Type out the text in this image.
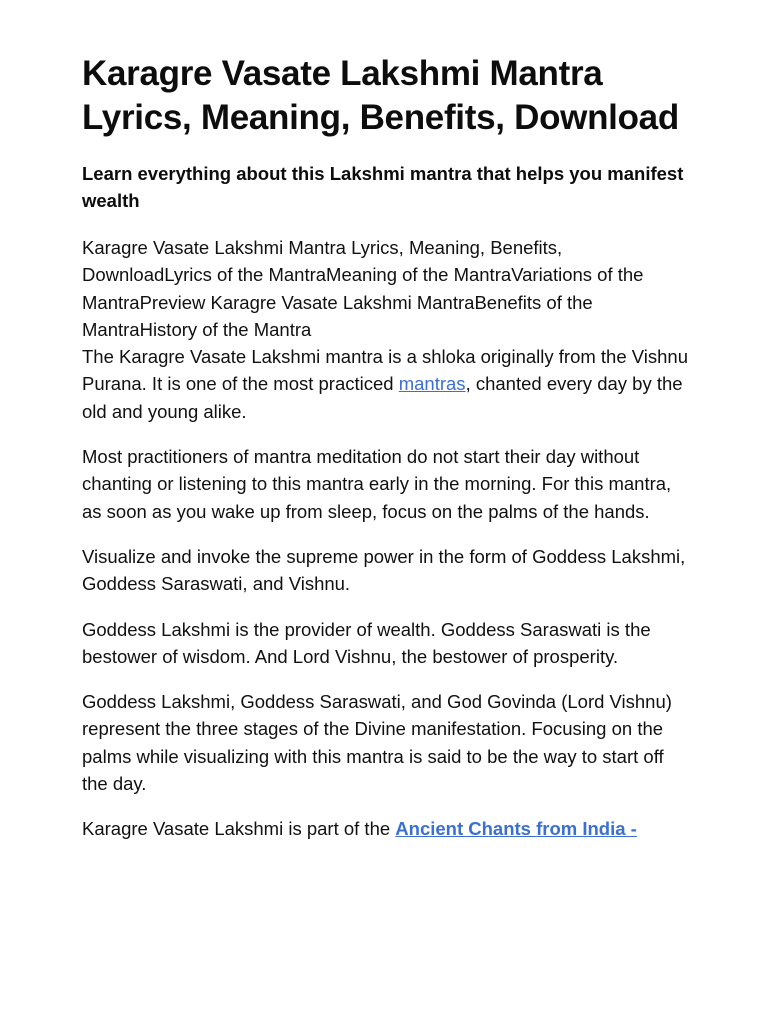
Karagre Vasate Lakshmi Mantra Lyrics, Meaning, Benefits, Download

Learn everything about this Lakshmi mantra that helps you manifest wealth

Karagre Vasate Lakshmi Mantra Lyrics, Meaning, Benefits, DownloadLyrics of the MantraMeaning of the MantraVariations of the MantraPreview Karagre Vasate Lakshmi MantraBenefits of the MantraHistory of the Mantra
The Karagre Vasate Lakshmi mantra is a shloka originally from the Vishnu Purana. It is one of the most practiced mantras, chanted every day by the old and young alike.

Most practitioners of mantra meditation do not start their day without chanting or listening to this mantra early in the morning. For this mantra, as soon as you wake up from sleep, focus on the palms of the hands.

Visualize and invoke the supreme power in the form of Goddess Lakshmi, Goddess Saraswati, and Vishnu.

Goddess Lakshmi is the provider of wealth. Goddess Saraswati is the bestower of wisdom. And Lord Vishnu, the bestower of prosperity.

Goddess Lakshmi, Goddess Saraswati, and God Govinda (Lord Vishnu) represent the three stages of the Divine manifestation. Focusing on the palms while visualizing with this mantra is said to be the way to start off the day.

Karagre Vasate Lakshmi is part of the Ancient Chants from India -
